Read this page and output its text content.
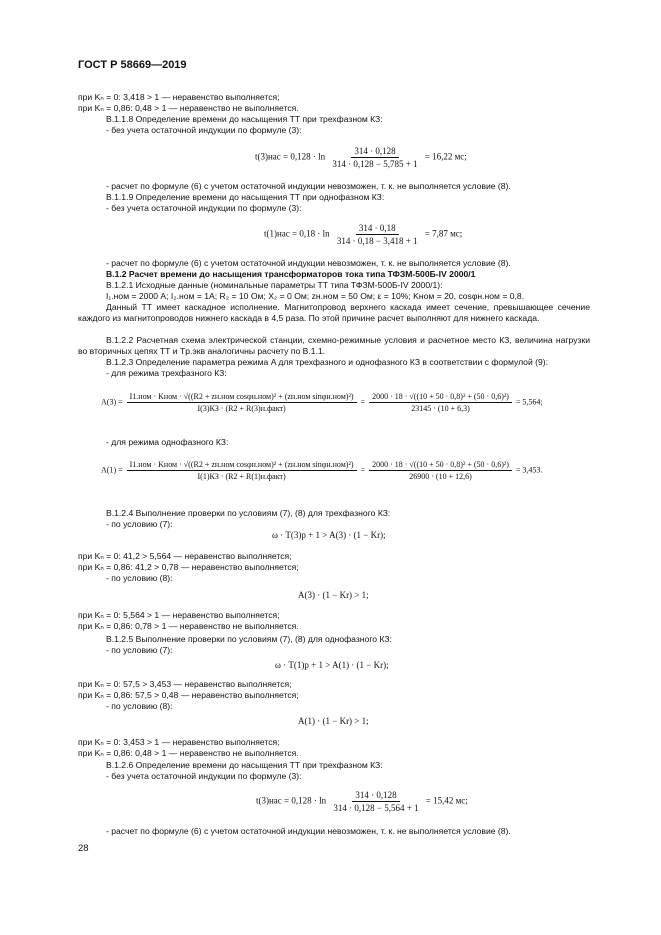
ГОСТ Р 58669—2019
при Kₙ = 0: 3,418 > 1 — неравенство выполняется;
при Kₙ = 0,86: 0,48 > 1 — неравенство не выполняется.
В.1.1.8 Определение времени до насыщения ТТ при трехфазном КЗ:
- без учета остаточной индукции по формуле (3):
$t(3)нас = 0,128 \cdot \ln \frac{314 \cdot 0,128}{314 \cdot 0,128 - 5,785 + 1} = 16,22$ мс;
- расчет по формуле (6) с учетом остаточной индукции невозможен, т. к. не выполняется условие (8).
В.1.1.9 Определение времени до насыщения ТТ при однофазном КЗ:
- без учета остаточной индукции по формуле (3):
$t(1)нас = 0,18 \cdot \ln \frac{314 \cdot 0,18}{314 \cdot 0,18 - 3,418 + 1} = 7,87$ мс;
- расчет по формуле (6) с учетом остаточной индукции невозможен, т. к. не выполняется условие (8).
В.1.2 Расчет времени до насыщения трансформаторов тока типа ТФЗМ-500Б-IV 2000/1
В.1.2.1 Исходные данные (номинальные параметры ТТ типа ТФЗМ-500Б-IV 2000/1):
I₁.ном = 2000 А; I₂.ном = 1А; R₂ = 10 Ом; X₂ = 0 Ом; zн.ном = 50 Ом; ε = 10%; Kном = 20, cosφн.ном = 0,8.
Данный ТТ имеет каскадное исполнение. Магнитопровод верхнего каскада имеет сечение, превышающее сечение каждого из магнитопроводов нижнего каскада в 4,5 раза. По этой причине расчет выполняют для нижнего каскада.
В.1.2.2 Расчетная схема электрической станции, схемно-режимные условия и расчетное место КЗ, величина нагрузки во вторичных цепях ТТ и Tр.экв аналогичны расчету по В.1.1.
В.1.2.3 Определение параметра режима A для трехфазного и однофазного КЗ в соответствии с формулой (9):
- для режима трехфазного КЗ:
A(3) =
I1.ном · Kном · √((R2 + zн.ном cosφн.ном)² + (zн.ном sinφн.ном)²)
I(3)КЗ · (R2 + R(3)н.факт)
= $\frac{\text{2000 · 18 · √((10 + 50 · 0,8)² + (50 · 0,6)²)}}{23145 \cdot (10 + 6,3)} = 5,564$;
- для режима однофазного КЗ:
A(1) =
I1.ном · Kном · √((R2 + zн.ном cosφн.ном)² + (zн.ном sinφн.ном)²)
I(1)КЗ · (R2 + R(1)н.факт)
= $\frac{\text{2000 · 18 · √((10 + 50 · 0,8)² + (50 · 0,6)²)}}{26900 \cdot (10 + 12,6)} = 3,453$.
В.1.2.4 Выполнение проверки по условиям (7), (8) для трехфазного КЗ:
- по условию (7):
ω · T(3)p + 1 > A(3) · (1 − Kr);
при Kₙ = 0: 41,2 > 5,564 — неравенство выполняется;
при Kₙ = 0,86: 41,2 > 0,78 — неравенство выполняется;
- по условию (8):
A(3) · (1 − Kr) > 1;
при Kₙ = 0: 5,564 > 1 — неравенство выполняется;
при Kₙ = 0,86: 0,78 > 1 — неравенство не выполняется.
В.1.2.5 Выполнение проверки по условиям (7), (8) для однофазного КЗ:
- по условию (7):
ω · T(1)p + 1 > A(1) · (1 − Kr);
при Kₙ = 0: 57,5 > 3,453 — неравенство выполняется;
при Kₙ = 0,86: 57,5 > 0,48 — неравенство выполняется;
- по условию (8):
A(1) · (1 − Kr) > 1;
при Kₙ = 0: 3,453 > 1 — неравенство выполняется;
при Kₙ = 0,86: 0,48 > 1 — неравенство не выполняется.
В.1.2.6 Определение времени до насыщения ТТ при трехфазном КЗ:
- без учета остаточной индукции по формуле (3):
$t(3)нас = 0,128 \cdot \ln \frac{314 \cdot 0,128}{314 \cdot 0,128 - 5,564 + 1} = 15,42$ мс;
- расчет по формуле (6) с учетом остаточной индукции невозможен, т. к. не выполняется условие (8).
28
